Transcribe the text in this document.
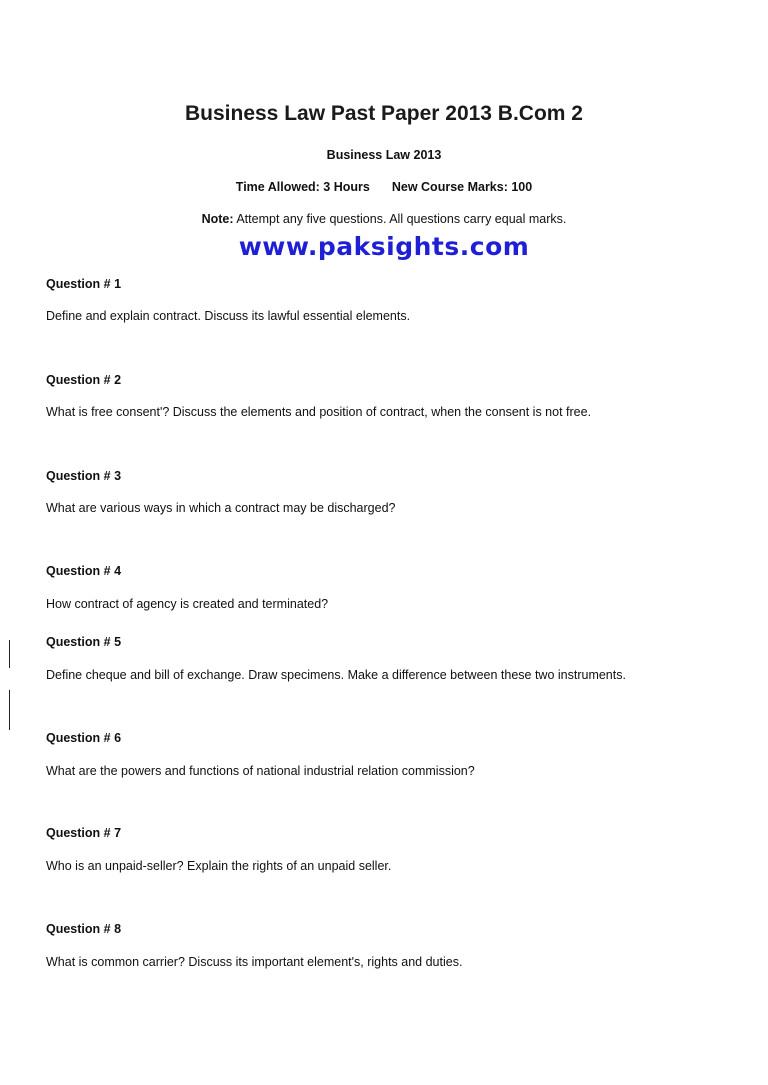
Business Law Past Paper 2013 B.Com 2
Business Law 2013
Time Allowed: 3 Hours New Course Marks: 100
Note: Attempt any five questions. All questions carry equal marks.
www.paksights.com
Question # 1
Define and explain contract. Discuss its lawful essential elements.
Question # 2
What is free consent'? Discuss the elements and position of contract, when the consent is not free.
Question # 3
What are various ways in which a contract may be discharged?
Question # 4
How contract of agency is created and terminated?
Question # 5
Define cheque and bill of exchange. Draw specimens. Make a difference between these two instruments.
Question # 6
What are the powers and functions of national industrial relation commission?
Question # 7
Who is an unpaid-seller? Explain the rights of an unpaid seller.
Question # 8
What is common carrier? Discuss its important element's, rights and duties.
